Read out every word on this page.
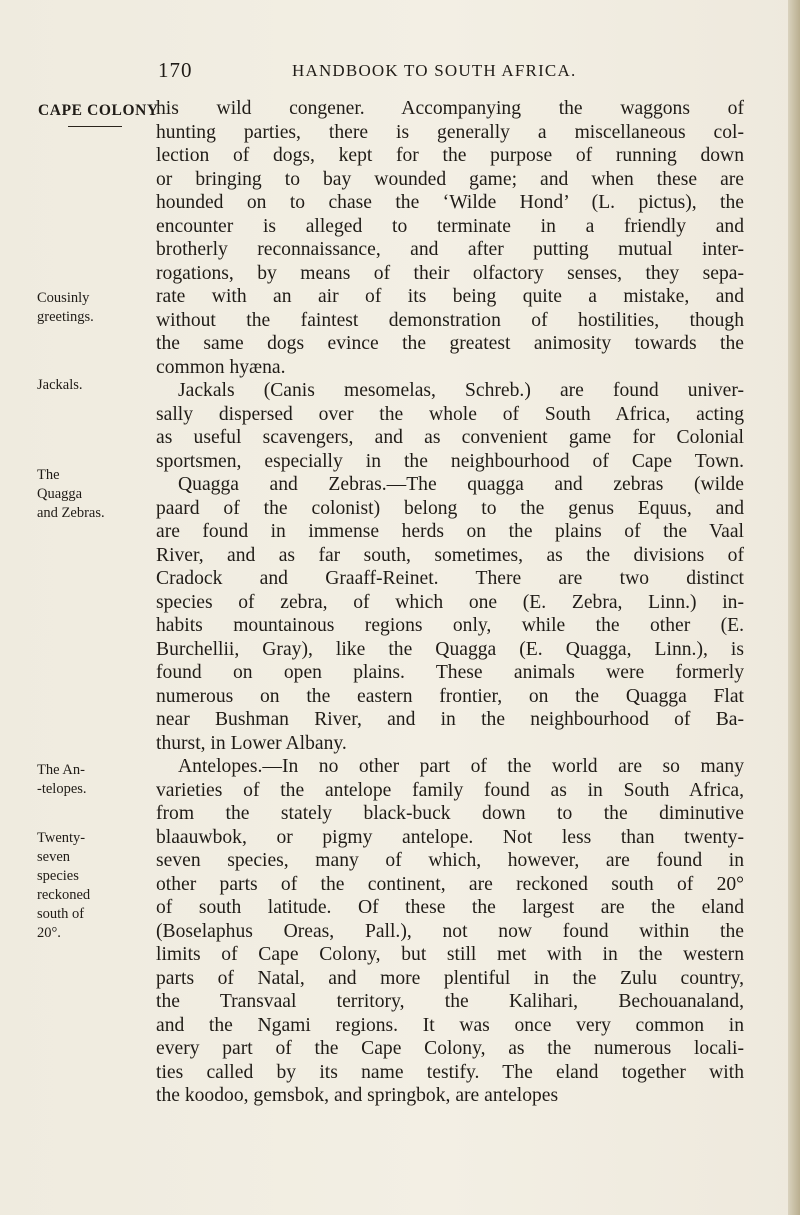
170	HANDBOOK TO SOUTH AFRICA.
CAPE COLONY
Cousinly
greetings.
Jackals.
The
Quagga
and Zebras.
The An-
-telopes.
Twenty-
seven
species
reckoned
south of
20°.
his wild congener. Accompanying the waggons of
hunting parties, there is generally a miscellaneous col-
lection of dogs, kept for the purpose of running down
or bringing to bay wounded game; and when these are
hounded on to chase the ‘Wilde Hond’ (L. pictus), the
encounter is alleged to terminate in a friendly and
brotherly reconnaissance, and after putting mutual inter-
rogations, by means of their olfactory senses, they sepa-
rate with an air of its being quite a mistake, and
without the faintest demonstration of hostilities, though
the same dogs evince the greatest animosity towards the
common hyæna.
Jackals (Canis mesomelas, Schreb.) are found univer-
sally dispersed over the whole of South Africa, acting
as useful scavengers, and as convenient game for Colonial
sportsmen, especially in the neighbourhood of Cape Town.
Quagga and Zebras.—The quagga and zebras (wilde
paard of the colonist) belong to the genus Equus, and
are found in immense herds on the plains of the Vaal
River, and as far south, sometimes, as the divisions of
Cradock and Graaff-Reinet. There are two distinct
species of zebra, of which one (E. Zebra, Linn.) in-
habits mountainous regions only, while the other (E.
Burchellii, Gray), like the Quagga (E. Quagga, Linn.), is
found on open plains. These animals were formerly
numerous on the eastern frontier, on the Quagga Flat
near Bushman River, and in the neighbourhood of Ba-
thurst, in Lower Albany.
Antelopes.—In no other part of the world are so many
varieties of the antelope family found as in South Africa,
from the stately black-buck down to the diminutive
blaauwbok, or pigmy antelope. Not less than twenty-
seven species, many of which, however, are found in
other parts of the continent, are reckoned south of 20°
of south latitude. Of these the largest are the eland
(Boselaphus Oreas, Pall.), not now found within the
limits of Cape Colony, but still met with in the western
parts of Natal, and more plentiful in the Zulu country,
the Transvaal territory, the Kalihari, Bechouanaland,
and the Ngami regions. It was once very common in
every part of the Cape Colony, as the numerous locali-
ties called by its name testify. The eland together with
the koodoo, gemsbok, and springbok, are antelopes
